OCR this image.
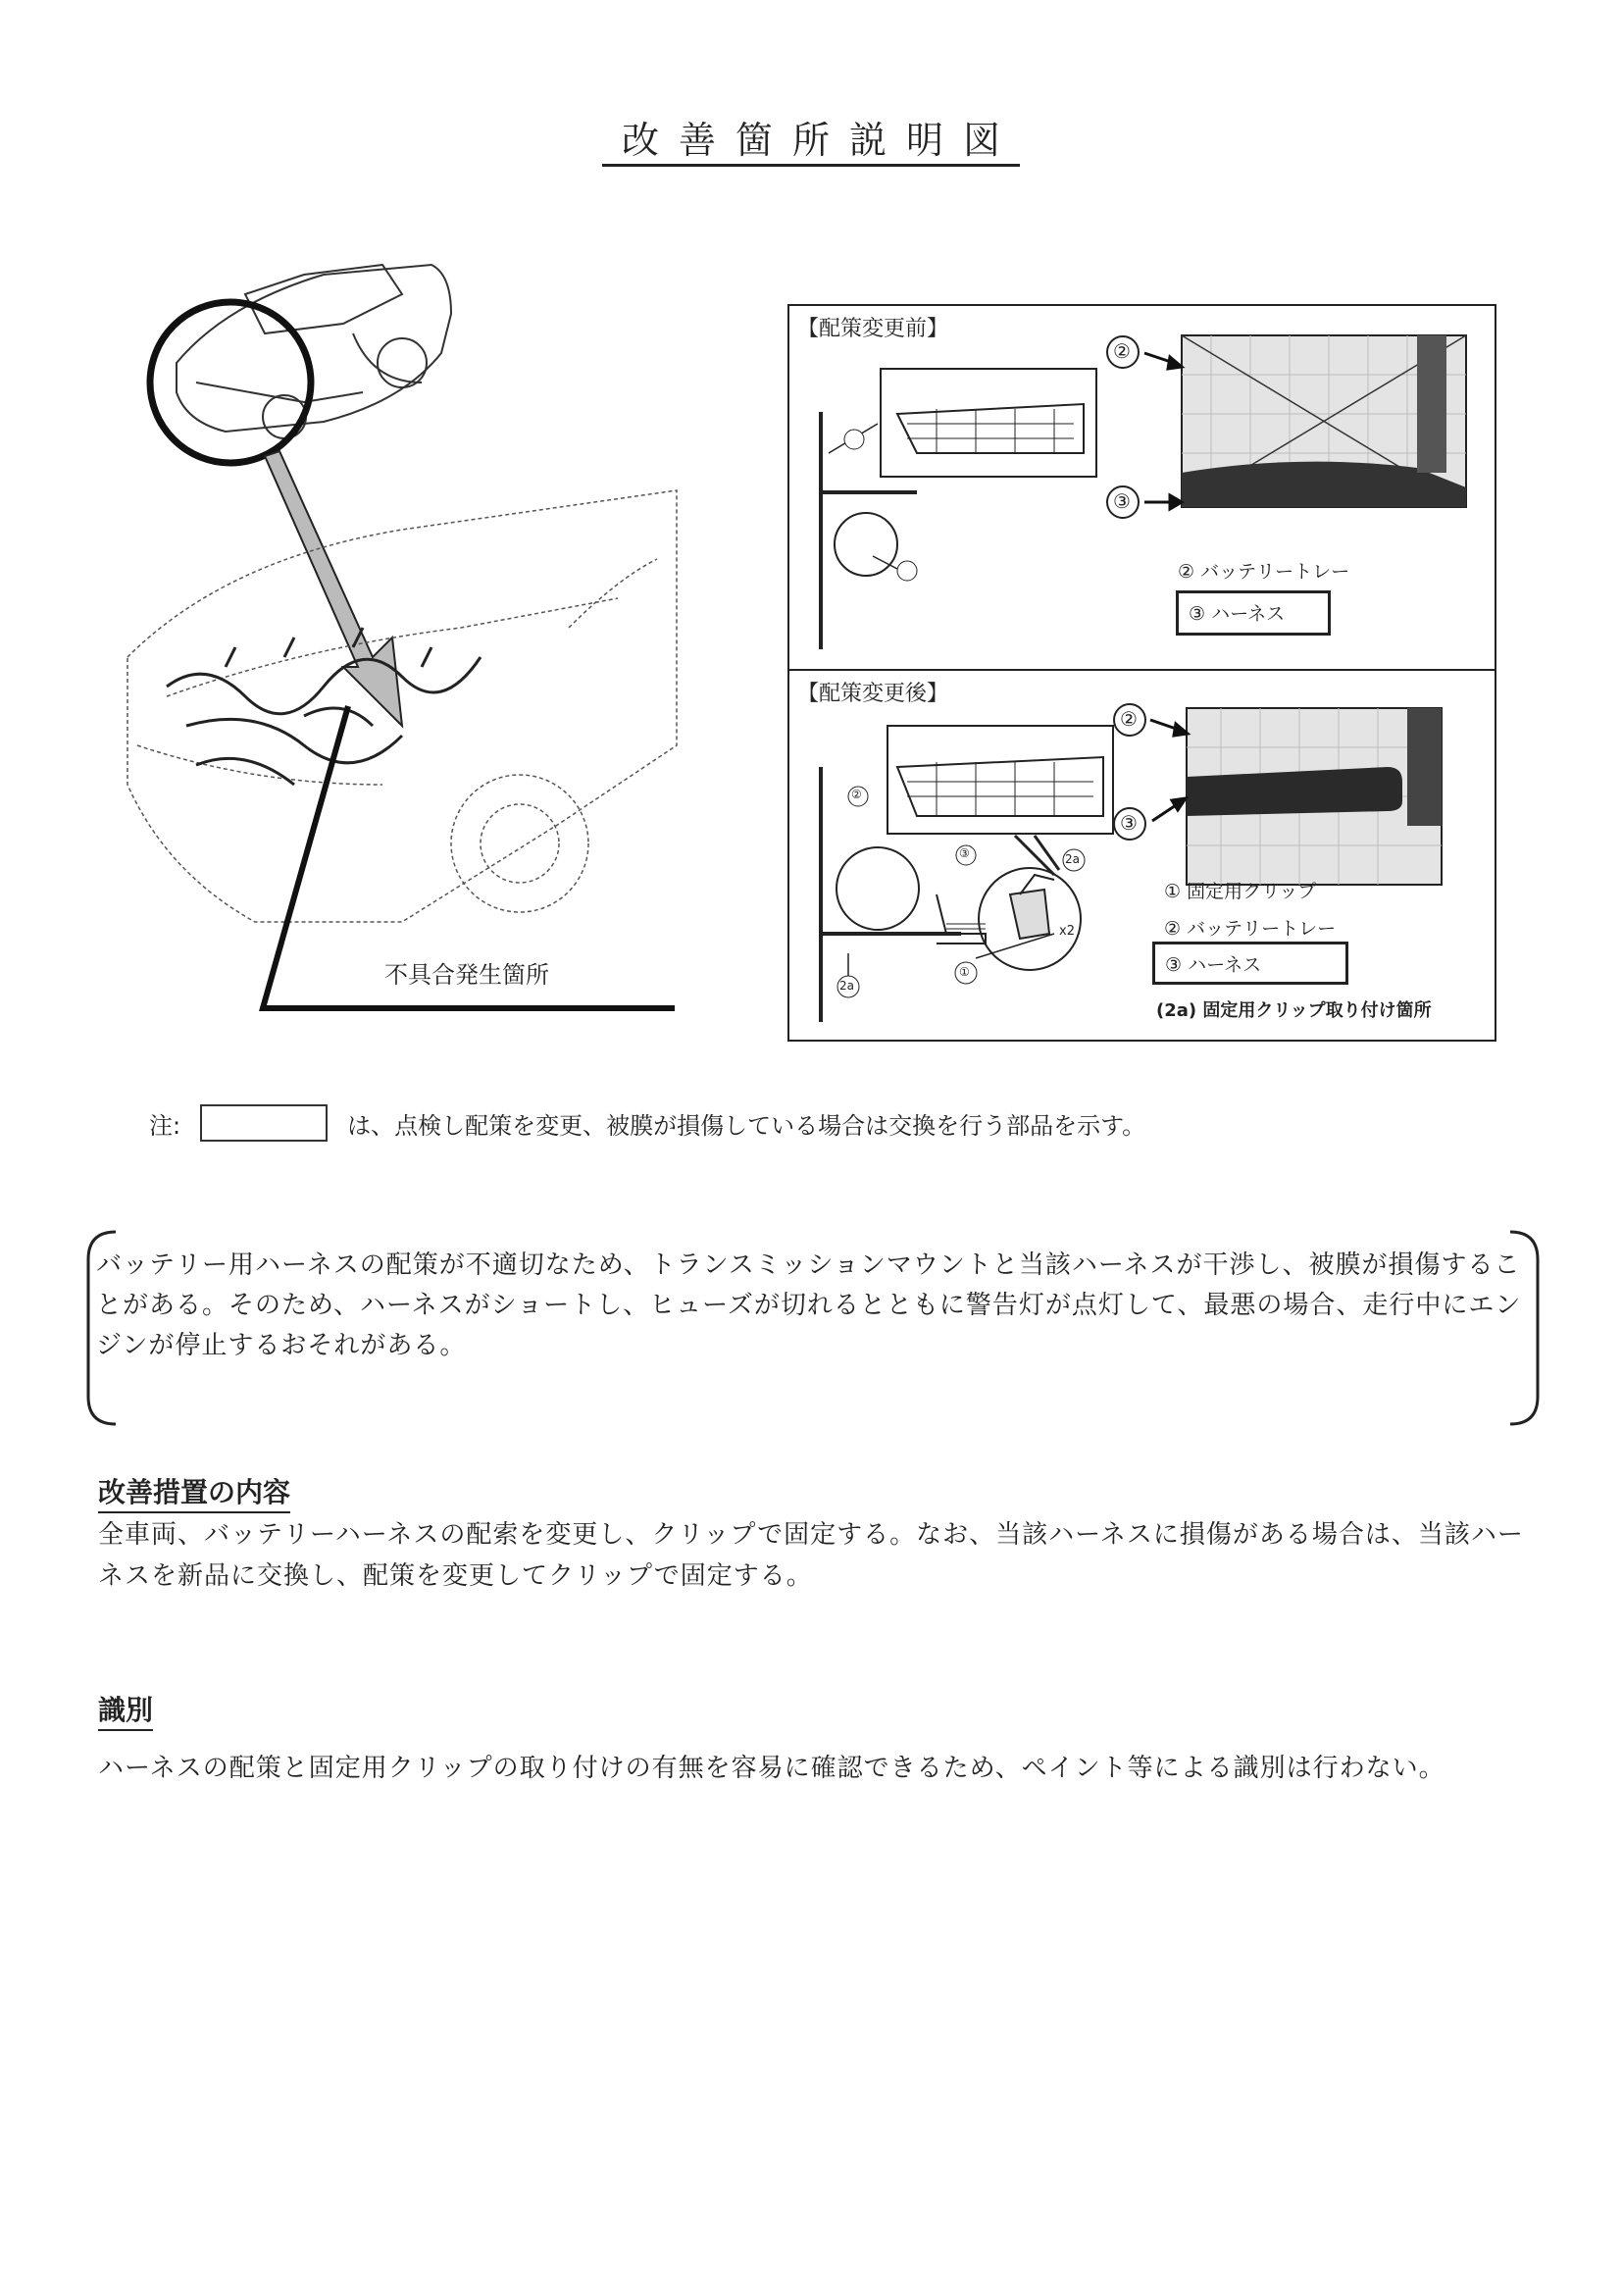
改善箇所説明図
不具合発生箇所
【配策変更前】
②
③
② バッテリートレー
③ ハーネス
【配策変更後】
②
③
②
③	2a
①
2a
x2
① 固定用クリップ
② バッテリートレー
③ ハーネス
(2a) 固定用クリップ取り付け箇所
注:	は、点検し配策を変更、被膜が損傷している場合は交換を行う部品を示す。
バッテリー用ハーネスの配策が不適切なため、トランスミッションマウントと当該ハーネスが干渉し、被膜が損傷することがある。そのため、ハーネスがショートし、ヒューズが切れるとともに警告灯が点灯して、最悪の場合、走行中にエンジンが停止するおそれがある。
改善措置の内容
全車両、バッテリーハーネスの配索を変更し、クリップで固定する。なお、当該ハーネスに損傷がある場合は、当該ハーネスを新品に交換し、配策を変更してクリップで固定する。
識別
ハーネスの配策と固定用クリップの取り付けの有無を容易に確認できるため、ペイント等による識別は行わない。
